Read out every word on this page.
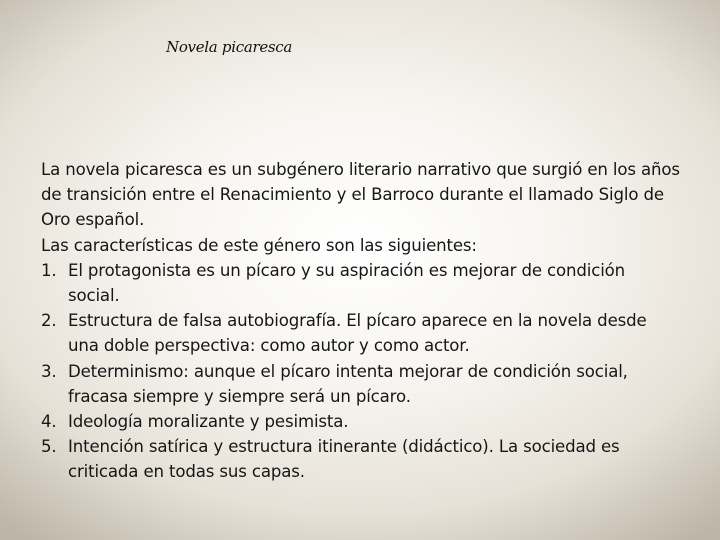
Novela picaresca

La novela picaresca es un subgénero literario narrativo que surgió en los años de transición entre el Renacimiento y el Barroco durante el llamado Siglo de Oro español.

Las características de este género son las siguientes:

1. El protagonista es un pícaro y su aspiración es mejorar de condición social.
2. Estructura de falsa autobiografía. El pícaro aparece en la novela desde una doble perspectiva: como autor y como actor.
3. Determinismo: aunque el pícaro intenta mejorar de condición social, fracasa siempre y siempre será un pícaro.
4. Ideología moralizante y pesimista.
5. Intención satírica y estructura itinerante (didáctico). La sociedad es criticada en todas sus capas.
